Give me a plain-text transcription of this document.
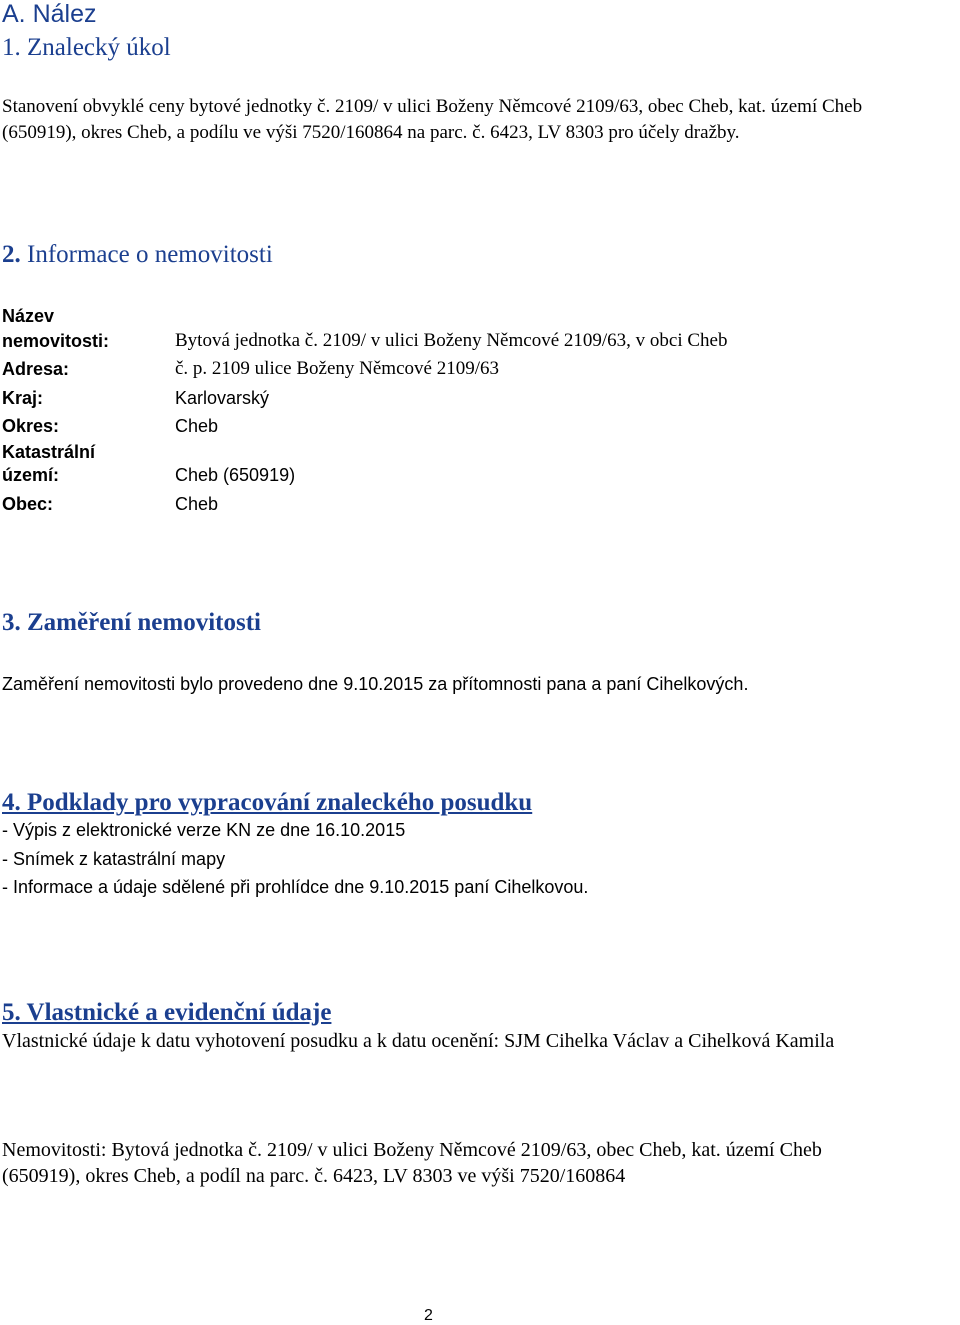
A. Nález
1. Znalecký úkol
Stanovení obvyklé ceny bytové jednotky č. 2109/ v ulici Boženy Němcové 2109/63, obec Cheb, kat. území Cheb
(650919), okres Cheb, a podílu ve výši 7520/160864 na parc. č. 6423, LV 8303 pro účely dražby.
2. Informace o nemovitosti
Název
nemovitosti:	Bytová jednotka č. 2109/ v ulici Boženy Němcové 2109/63, v obci Cheb
Adresa:	č. p. 2109 ulice Boženy Němcové 2109/63
Kraj:	Karlovarský
Okres:	Cheb
Katastrální
území:	Cheb (650919)
Obec:	Cheb
3. Zaměření nemovitosti
Zaměření nemovitosti bylo provedeno dne 9.10.2015 za přítomnosti pana a paní Cihelkových.
4. Podklady pro vypracování znaleckého posudku
- Výpis z elektronické verze KN ze dne 16.10.2015
- Snímek z katastrální mapy
- Informace a údaje sdělené při prohlídce dne 9.10.2015 paní Cihelkovou.
5. Vlastnické a evidenční údaje
Vlastnické údaje k datu vyhotovení posudku a k datu ocenění: SJM Cihelka Václav a Cihelková Kamila
Nemovitosti: Bytová jednotka č. 2109/ v ulici Boženy Němcové 2109/63, obec Cheb, kat. území Cheb
(650919), okres Cheb, a podíl na parc. č. 6423, LV 8303 ve výši 7520/160864
2
